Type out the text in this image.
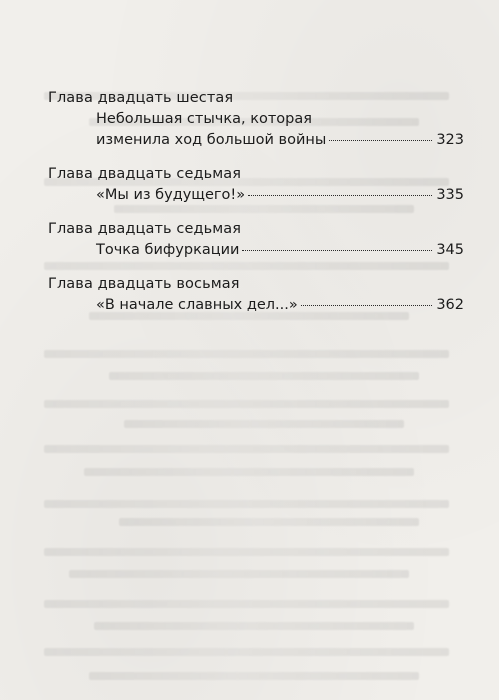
Глава двадцать шестая
Небольшая стычка, которая
изменила ход большой войны	323
Глава двадцать седьмая
«Мы из будущего!»	335
Глава двадцать седьмая
Точка бифуркации	345
Глава двадцать восьмая
«В начале славных дел...»	362
